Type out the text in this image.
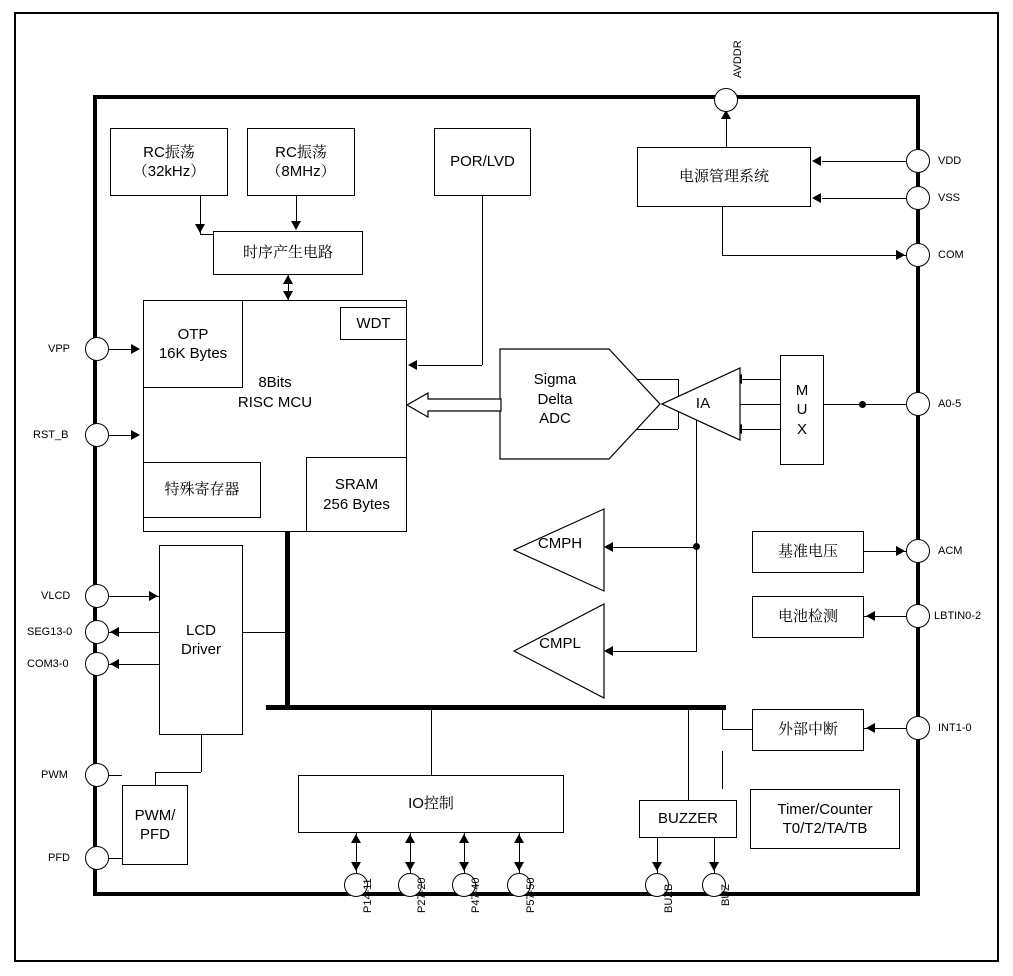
AVDDR
VDD
VSS
COM
A0-5
ACM
LBTIN0-2
INT1-0
VPP
RST_B
VLCD
SEG13-0
COM3-0
PWM
PFD
P14-11	P27-20	P47-40	P57-50	BUZB	BUZ
RC振荡
（32kHz）
RC振荡
（8MHz）
POR/LVD
电源管理系统
时序产生电路
8Bits
RISC MCU
OTP
16K Bytes
WDT
特殊寄存器	SRAM
256 Bytes
Sigma
Delta
ADC
IA
M
U
X
CMPH
CMPL
基准电压
电池检测
外部中断
LCD
Driver
PWM/
PFD
IO控制
BUZZER
Timer/Counter
T0/T2/TA/TB
